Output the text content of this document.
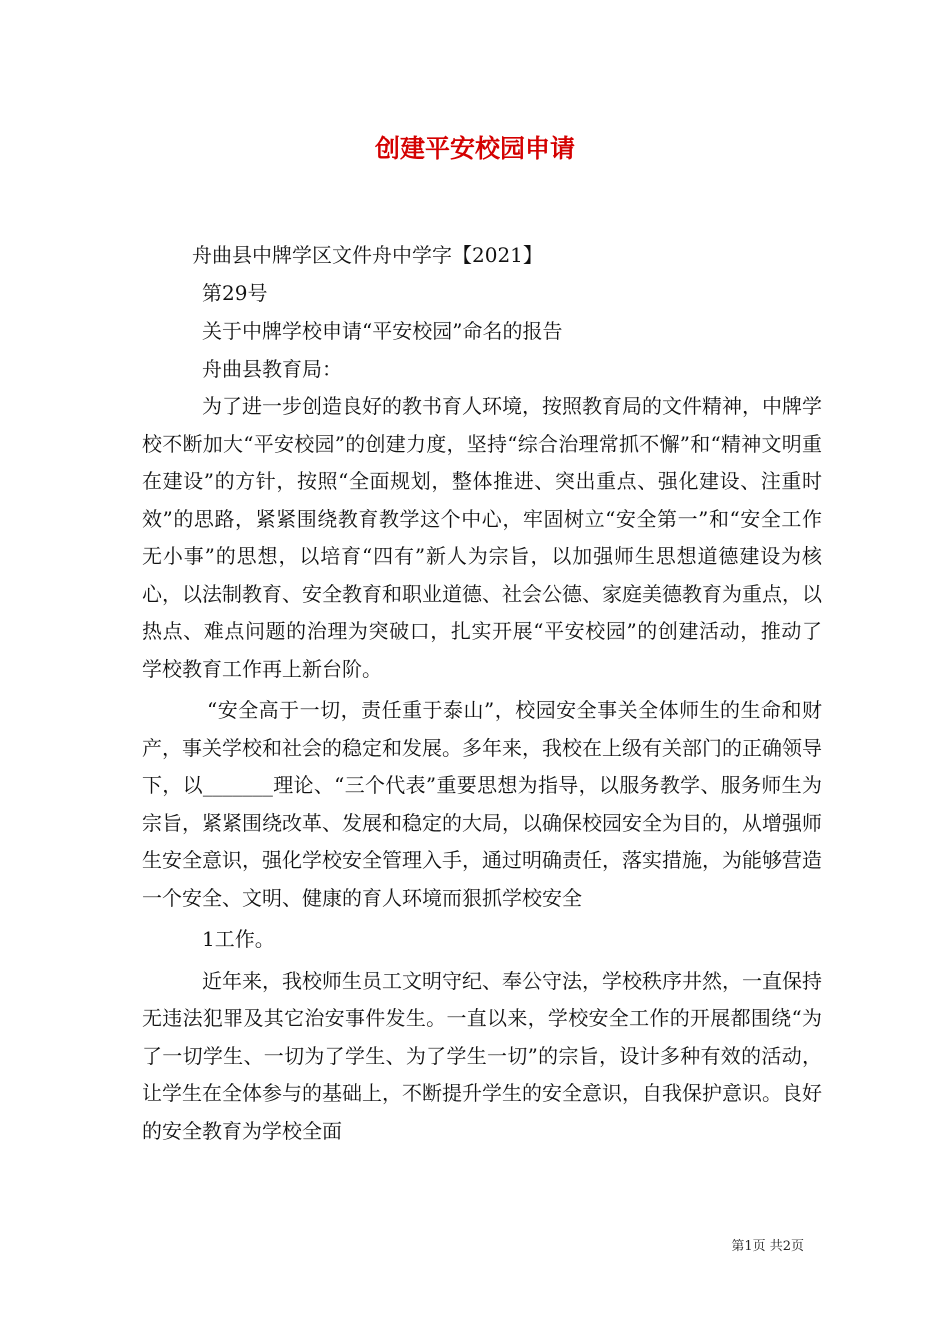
创建平安校园申请
舟曲县中牌学区文件舟中学字【2021】
第29号
关于中牌学校申请“平安校园”命名的报告
舟曲县教育局：

为了进一步创造良好的教书育人环境，按照教育局的文件精神，中牌学校不断加大“平安校园”的创建力度，坚持“综合治理常抓不懈”和“精神文明重在建设”的方针，按照“全面规划，整体推进、突出重点、强化建设、注重时效”的思路，紧紧围绕教育教学这个中心，牢固树立“安全第一”和“安全工作无小事”的思想，以培育“四有”新人为宗旨，以加强师生思想道德建设为核心，以法制教育、安全教育和职业道德、社会公德、家庭美德教育为重点，以热点、难点问题的治理为突破口，扎实开展“平安校园”的创建活动，推动了学校教育工作再上新台阶。

“安全高于一切，责任重于泰山”，校园安全事关全体师生的生命和财产，事关学校和社会的稳定和发展。多年来，我校在上级有关部门的正确领导下，以_______理论、“三个代表”重要思想为指导，以服务教学、服务师生为宗旨，紧紧围绕改革、发展和稳定的大局，以确保校园安全为目的，从增强师生安全意识，强化学校安全管理入手，通过明确责任，落实措施，为能够营造一个安全、文明、健康的育人环境而狠抓学校安全

1工作。

近年来，我校师生员工文明守纪、奉公守法，学校秩序井然，一直保持无违法犯罪及其它治安事件发生。一直以来，学校安全工作的开展都围绕“为了一切学生、一切为了学生、为了学生一切”的宗旨，设计多种有效的活动，让学生在全体参与的基础上，不断提升学生的安全意识，自我保护意识。良好的安全教育为学校全面

第1页 共2页
